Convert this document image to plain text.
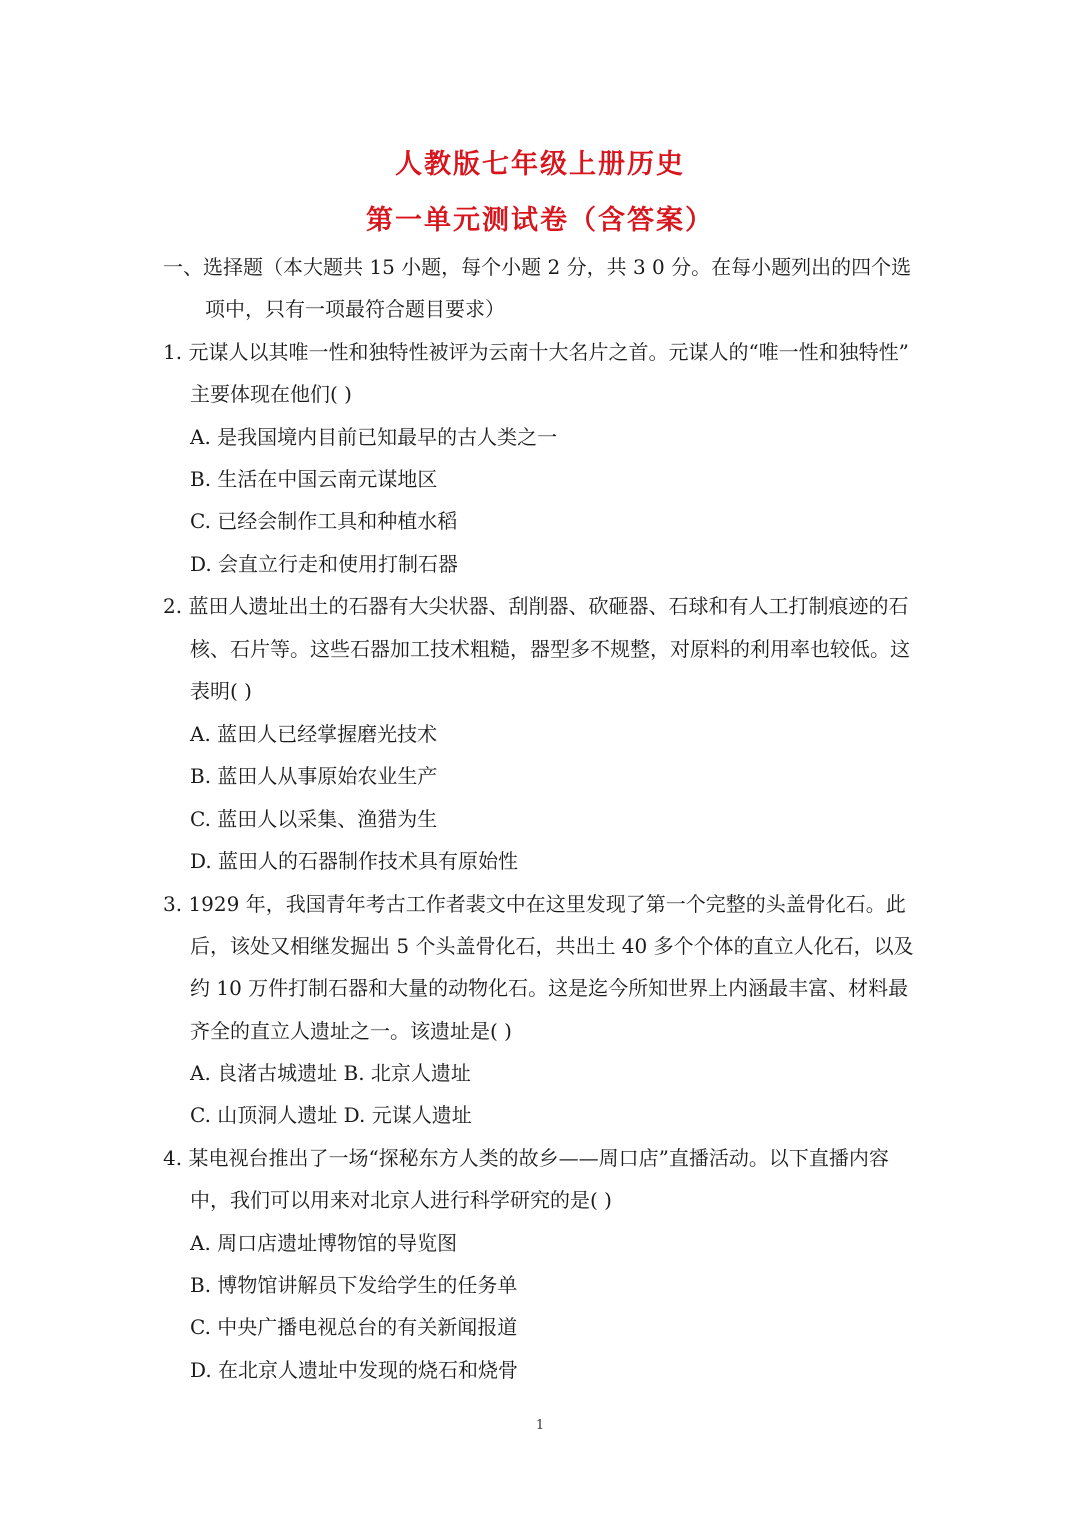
人教版七年级上册历史
第一单元测试卷（含答案）
一、选择题（本大题共 15 小题，每个小题 2 分，共 3 0 分。在每小题列出的四个选
项中，只有一项最符合题目要求）
1. 元谋人以其唯一性和独特性被评为云南十大名片之首。元谋人的“唯一性和独特性”
主要体现在他们( )
A. 是我国境内目前已知最早的古人类之一
B. 生活在中国云南元谋地区
C. 已经会制作工具和种植水稻
D. 会直立行走和使用打制石器
2. 蓝田人遗址出土的石器有大尖状器、刮削器、砍砸器、石球和有人工打制痕迹的石
核、石片等。这些石器加工技术粗糙，器型多不规整，对原料的利用率也较低。这
表明( )
A. 蓝田人已经掌握磨光技术
B. 蓝田人从事原始农业生产
C. 蓝田人以采集、渔猎为生
D. 蓝田人的石器制作技术具有原始性
3. 1929 年，我国青年考古工作者裴文中在这里发现了第一个完整的头盖骨化石。此
后，该处又相继发掘出 5 个头盖骨化石，共出土 40 多个个体的直立人化石，以及
约 10 万件打制石器和大量的动物化石。这是迄今所知世界上内涵最丰富、材料最
齐全的直立人遗址之一。该遗址是( )
A. 良渚古城遗址 B. 北京人遗址
C. 山顶洞人遗址 D. 元谋人遗址
4. 某电视台推出了一场“探秘东方人类的故乡——周口店”直播活动。以下直播内容
中，我们可以用来对北京人进行科学研究的是( )
A. 周口店遗址博物馆的导览图
B. 博物馆讲解员下发给学生的任务单
C. 中央广播电视总台的有关新闻报道
D. 在北京人遗址中发现的烧石和烧骨
1
